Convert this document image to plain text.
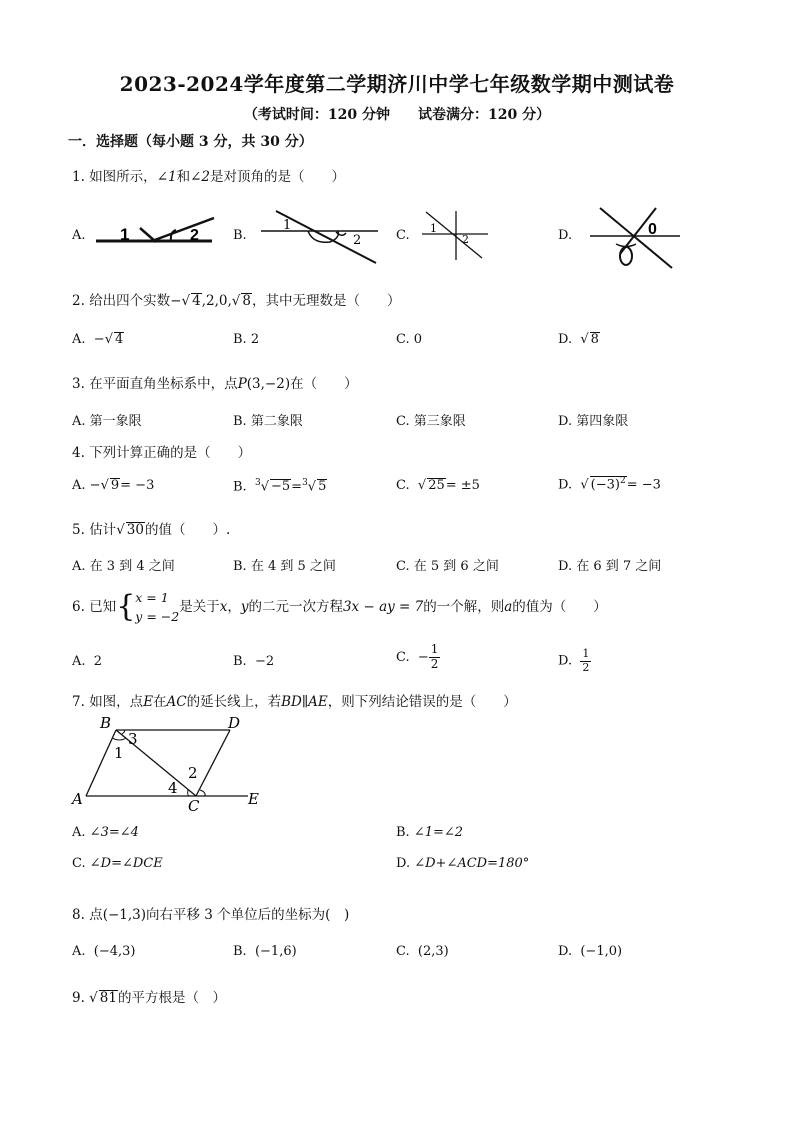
2023-2024学年度第二学期济川中学七年级数学期中测试卷
（考试时间：120 分钟 试卷满分：120 分）
一．选择题（每小题 3 分，共 30 分）
1. 如图所示，∠1和∠2是对顶角的是（　　）
A. 1	2	B.
1
2	C. 1
2	D.	0
2. 给出四个实数−√ 4,2,0,√ 8，其中无理数是（　　）
A. −√ 4	B. 2	C. 0	D.  √ 8
3. 在平面直角坐标系中，点P(3,−2)在（　　）
A. 第一象限	B. 第二象限	C. 第三象限	D. 第四象限
4. 下列计算正确的是（　　）
A. −√ 9= −3	B. $^3$√ −5=$^3$√ 5	C.  √ 25= ±5	D.  √ $(-3)^2= -3$
5. 估计√ 30的值（　　）.
A. 在 3 到 4 之间	B. 在 4 到 5 之间	C. 在 5 到 6 之间	D. 在 6 到 7 之间
6. 已知{ x = 1
y = −2
是关于x，y的二元一次方程3x − ay = 7的一个解，则a的值为（　　）
A. 2	B. −2	C. − $\frac{1}{2}$	D. $\frac{1}{2}$
7. 如图，点E在AC的延长线上，若BD∥AE，则下列结论错误的是（　　）
B	D
A	C	E
1
3
2
4
A. ∠3=∠4	B. ∠1=∠2
C. ∠D=∠DCE	D. ∠D+∠ACD=180°
8. 点(−1,3)向右平移 3 个单位后的坐标为(　)
A. (−4,3)	B. (−1,6)	C. (2,3)	D. (−1,0)
9. √ 81的平方根是（　）
